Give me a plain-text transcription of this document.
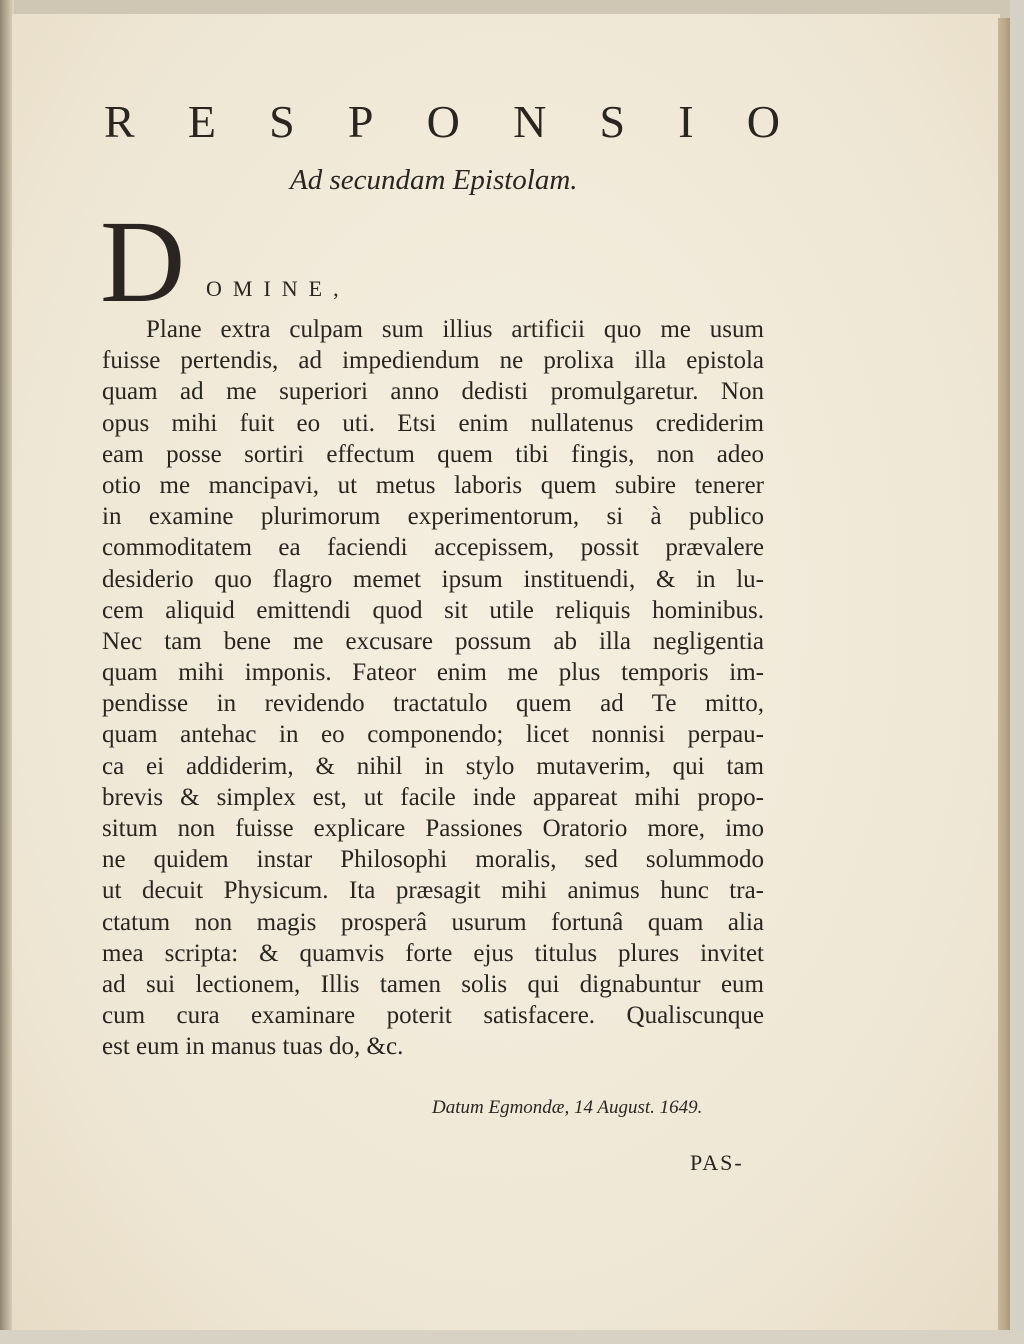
R E S P O N S I O
Ad secundam Epistolam.
D OMINE,
Plane extra culpam sum illius artificii quo me usum
fuisse pertendis, ad impediendum ne prolixa illa epistola
quam ad me superiori anno dedisti promulgaretur. Non
opus mihi fuit eo uti. Etsi enim nullatenus crediderim
eam posse sortiri effectum quem tibi fingis, non adeo
otio me mancipavi, ut metus laboris quem subire tenerer
in examine plurimorum experimentorum, si à publico
commoditatem ea faciendi accepissem, possit prævalere
desiderio quo flagro memet ipsum instituendi, & in lu-
cem aliquid emittendi quod sit utile reliquis hominibus.
Nec tam bene me excusare possum ab illa negligentia
quam mihi imponis. Fateor enim me plus temporis im-
pendisse in revidendo tractatulo quem ad Te mitto,
quam antehac in eo componendo; licet nonnisi perpau-
ca ei addiderim, & nihil in stylo mutaverim, qui tam
brevis & simplex est, ut facile inde appareat mihi propo-
situm non fuisse explicare Passiones Oratorio more, imo
ne quidem instar Philosophi moralis, sed solummodo
ut decuit Physicum. Ita præsagit mihi animus hunc tra-
ctatum non magis prosperâ usurum fortunâ quam alia
mea scripta: & quamvis forte ejus titulus plures invitet
ad sui lectionem, Illis tamen solis qui dignabuntur eum
cum cura examinare poterit satisfacere. Qualiscunque
est eum in manus tuas do, &c.
Datum Egmondæ, 14 August. 1649.
PAS-
